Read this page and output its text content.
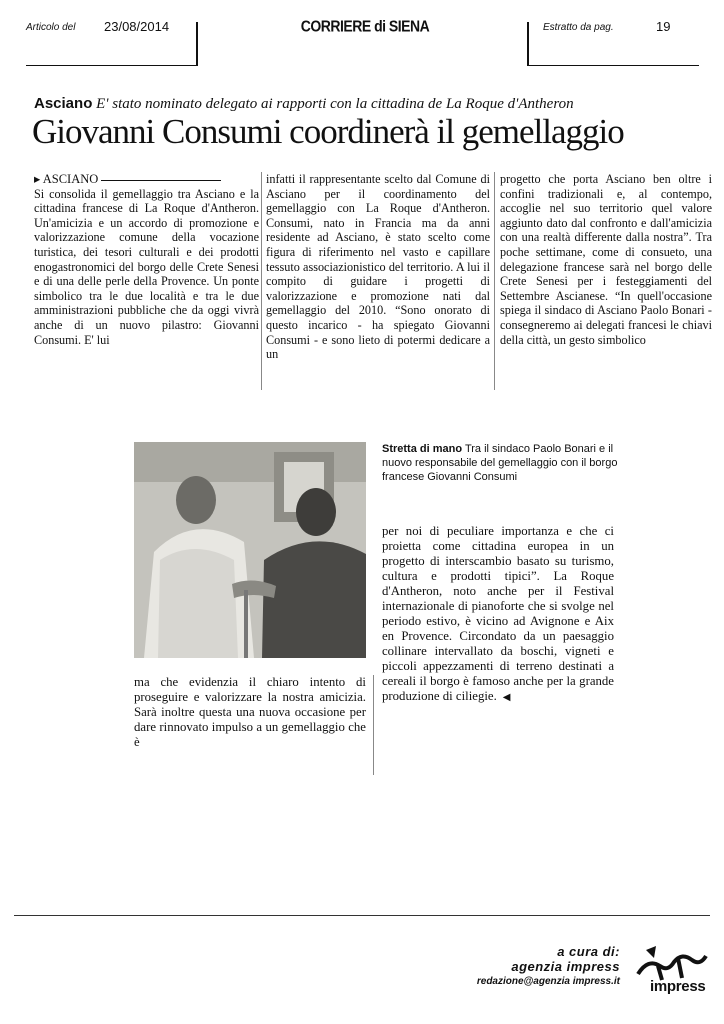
Articolo del 23/08/2014	CORRIERE di SIENA	Estratto da pag.	19
Asciano E' stato nominato delegato ai rapporti con la cittadina de La Roque d'Antheron
Giovanni Consumi coordinerà il gemellaggio
▸ ASCIANO
Si consolida il gemellaggio tra Asciano e la cittadina francese di La Roque d'Antheron. Un'amicizia e un accordo di promozione e valorizzazione comune della vocazione turistica, dei tesori culturali e dei prodotti enogastronomici del borgo delle Crete Senesi e di una delle perle della Provence. Un ponte simbolico tra le due località e tra le due amministrazioni pubbliche che da oggi vivrà anche di un nuovo pilastro: Giovanni Consumi. E' lui
infatti il rappresentante scelto dal Comune di Asciano per il coordinamento del gemellaggio con La Roque d'Antheron. Consumi, nato in Francia ma da anni residente ad Asciano, è stato scelto come figura di riferimento nel vasto e capillare tessuto associazionistico del territorio. A lui il compito di guidare i progetti di valorizzazione e promozione nati dal gemellaggio del 2010. “Sono onorato di questo incarico - ha spiegato Giovanni Consumi - e sono lieto di potermi dedicare a un
progetto che porta Asciano ben oltre i confini tradizionali e, al contempo, accoglie nel suo territorio quel valore aggiunto dato dal confronto e dall'amicizia con una realtà differente dalla nostra”. Tra poche settimane, come di consueto, una delegazione francese sarà nel borgo delle Crete Senesi per i festeggiamenti del Settembre Ascianese. “In quell'occasione spiega il sindaco di Asciano Paolo Bonari - consegneremo ai delegati francesi le chiavi della città, un gesto simbolico
Stretta di mano Tra il sindaco Paolo Bonari e il nuovo responsabile del gemellaggio con il borgo francese Giovanni Consumi
per noi di peculiare importanza e che ci proietta come cittadina europea in un progetto di interscambio basato su turismo, cultura e prodotti tipici”. La Roque d'Antheron, noto anche per il Festival internazionale di pianoforte che si svolge nel periodo estivo, è vicino ad Avignone e Aix en Provence. Circondato da un paesaggio collinare intervallato da boschi, vigneti e piccoli appezzamenti di terreno destinati a cereali il borgo è famoso anche per la grande produzione di ciliegie. ◀
ma che evidenzia il chiaro intento di proseguire e valorizzare la nostra amicizia. Sarà inoltre questa una nuova occasione per dare rinnovato impulso a un gemellaggio che è
a cura di:
agenzia impress
redazione@agenzia impress.it impress
